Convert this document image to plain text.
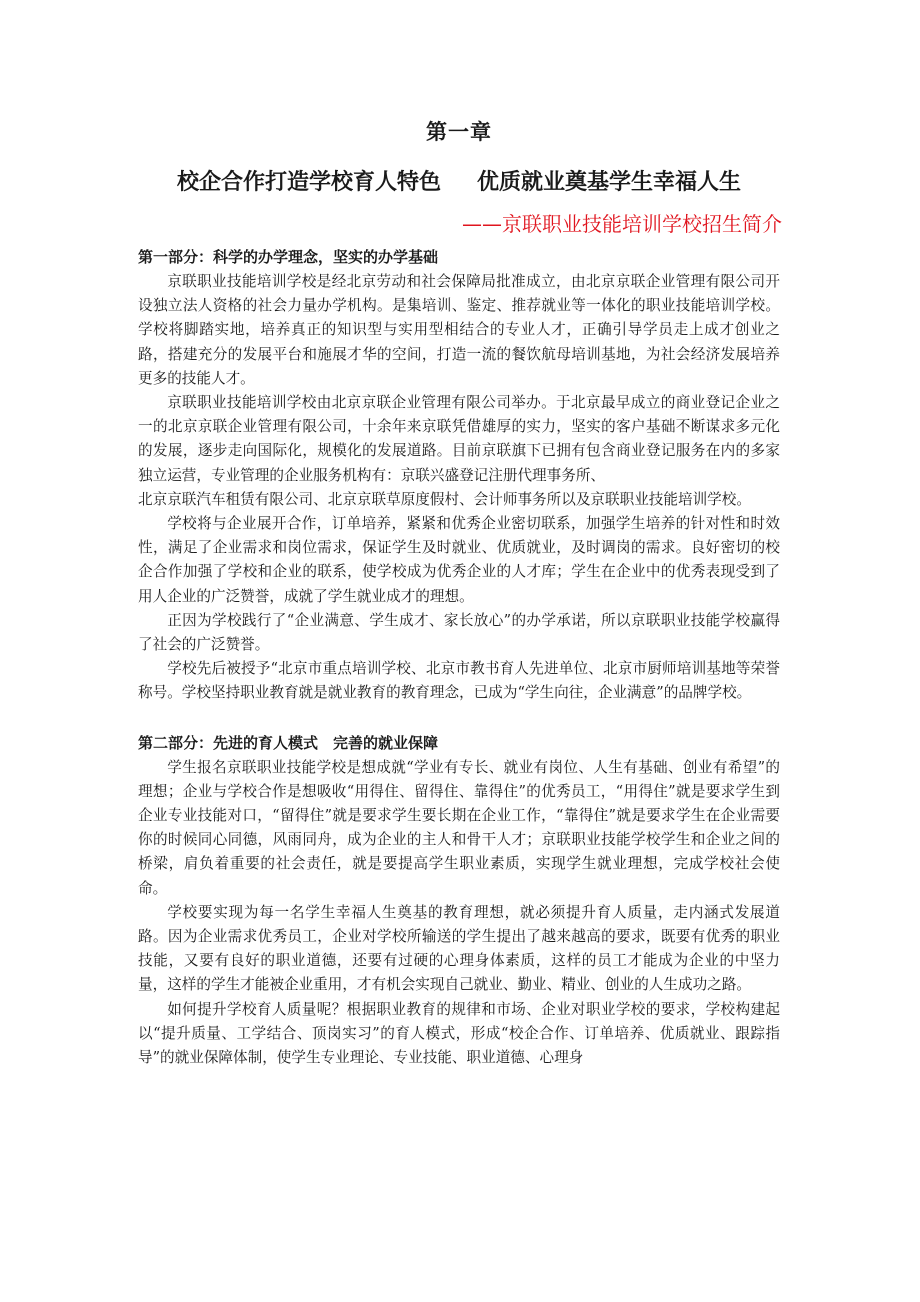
第一章
校企合作打造学校育人特色 优质就业奠基学生幸福人生
——京联职业技能培训学校招生简介
第一部分：科学的办学理念，坚实的办学基础

京联职业技能培训学校是经北京劳动和社会保障局批准成立，由北京京联企业管理有限公司开设独立法人资格的社会力量办学机构。是集培训、鉴定、推荐就业等一体化的职业技能培训学校。学校将脚踏实地，培养真正的知识型与实用型相结合的专业人才，正确引导学员走上成才创业之路，搭建充分的发展平台和施展才华的空间，打造一流的餐饮航母培训基地，为社会经济发展培养更多的技能人才。

京联职业技能培训学校由北京京联企业管理有限公司举办。于北京最早成立的商业登记企业之一的北京京联企业管理有限公司，十余年来京联凭借雄厚的实力，坚实的客户基础不断谋求多元化的发展，逐步走向国际化，规模化的发展道路。目前京联旗下已拥有包含商业登记服务在内的多家独立运营，专业管理的企业服务机构有：京联兴盛登记注册代理事务所、

北京京联汽车租赁有限公司、北京京联草原度假村、会计师事务所以及京联职业技能培训学校。

学校将与企业展开合作，订单培养，紧紧和优秀企业密切联系，加强学生培养的针对性和时效性，满足了企业需求和岗位需求，保证学生及时就业、优质就业，及时调岗的需求。良好密切的校企合作加强了学校和企业的联系，使学校成为优秀企业的人才库；学生在企业中的优秀表现受到了用人企业的广泛赞誉，成就了学生就业成才的理想。

正因为学校践行了“企业满意、学生成才、家长放心”的办学承诺，所以京联职业技能学校赢得了社会的广泛赞誉。

学校先后被授予“北京市重点培训学校、北京市教书育人先进单位、北京市厨师培训基地等荣誉称号。学校坚持职业教育就是就业教育的教育理念，已成为“学生向往，企业满意”的品牌学校。

第二部分：先进的育人模式　完善的就业保障

学生报名京联职业技能学校是想成就“学业有专长、就业有岗位、人生有基础、创业有希望”的理想；企业与学校合作是想吸收“用得住、留得住、靠得住”的优秀员工，“用得住”就是要求学生到企业专业技能对口，“留得住”就是要求学生要长期在企业工作，“靠得住”就是要求学生在企业需要你的时候同心同德，风雨同舟，成为企业的主人和骨干人才；京联职业技能学校学生和企业之间的桥梁，肩负着重要的社会责任，就是要提高学生职业素质，实现学生就业理想，完成学校社会使命。

学校要实现为每一名学生幸福人生奠基的教育理想，就必须提升育人质量，走内涵式发展道路。因为企业需求优秀员工，企业对学校所输送的学生提出了越来越高的要求，既要有优秀的职业技能，又要有良好的职业道德，还要有过硬的心理身体素质，这样的员工才能成为企业的中坚力量，这样的学生才能被企业重用，才有机会实现自己就业、勤业、精业、创业的人生成功之路。

如何提升学校育人质量呢？根据职业教育的规律和市场、企业对职业学校的要求，学校构建起以“提升质量、工学结合、顶岗实习”的育人模式，形成“校企合作、订单培养、优质就业、跟踪指导”的就业保障体制，使学生专业理论、专业技能、职业道德、心理身
